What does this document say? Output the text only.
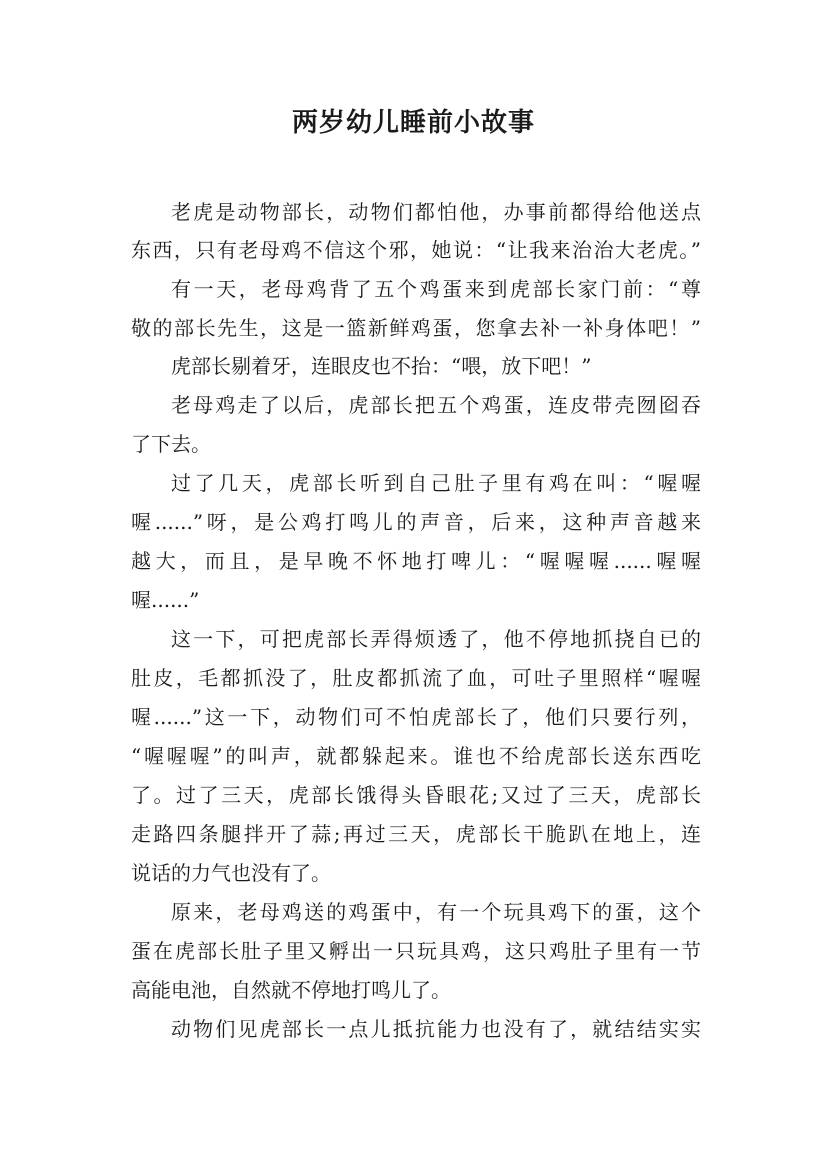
两岁幼儿睡前小故事

老虎是动物部长，动物们都怕他，办事前都得给他送点

东西，只有老母鸡不信这个邪，她说：“让我来治治大老虎。”

有一天，老母鸡背了五个鸡蛋来到虎部长家门前：“尊

敬的部长先生，这是一篮新鲜鸡蛋，您拿去补一补身体吧！”

虎部长剔着牙，连眼皮也不抬：“喂，放下吧！”

老母鸡走了以后，虎部长把五个鸡蛋，连皮带壳囫囵吞

了下去。

过了几天，虎部长听到自己肚子里有鸡在叫：“喔喔

喔......”呀，是公鸡打鸣儿的声音，后来，这种声音越来

越大，而且，是早晚不怀地打啤儿：“喔喔喔......喔喔

喔......”

这一下，可把虎部长弄得烦透了，他不停地抓挠自已的

肚皮，毛都抓没了，肚皮都抓流了血，可吐子里照样“喔喔

喔......”这一下，动物们可不怕虎部长了，他们只要行列，

“喔喔喔”的叫声，就都躲起来。谁也不给虎部长送东西吃

了。过了三天，虎部长饿得头昏眼花;又过了三天，虎部长

走路四条腿拌开了蒜;再过三天，虎部长干脆趴在地上，连

说话的力气也没有了。

原来，老母鸡送的鸡蛋中，有一个玩具鸡下的蛋，这个

蛋在虎部长肚子里又孵出一只玩具鸡，这只鸡肚子里有一节

高能电池，自然就不停地打鸣儿了。

动物们见虎部长一点儿抵抗能力也没有了，就结结实实
